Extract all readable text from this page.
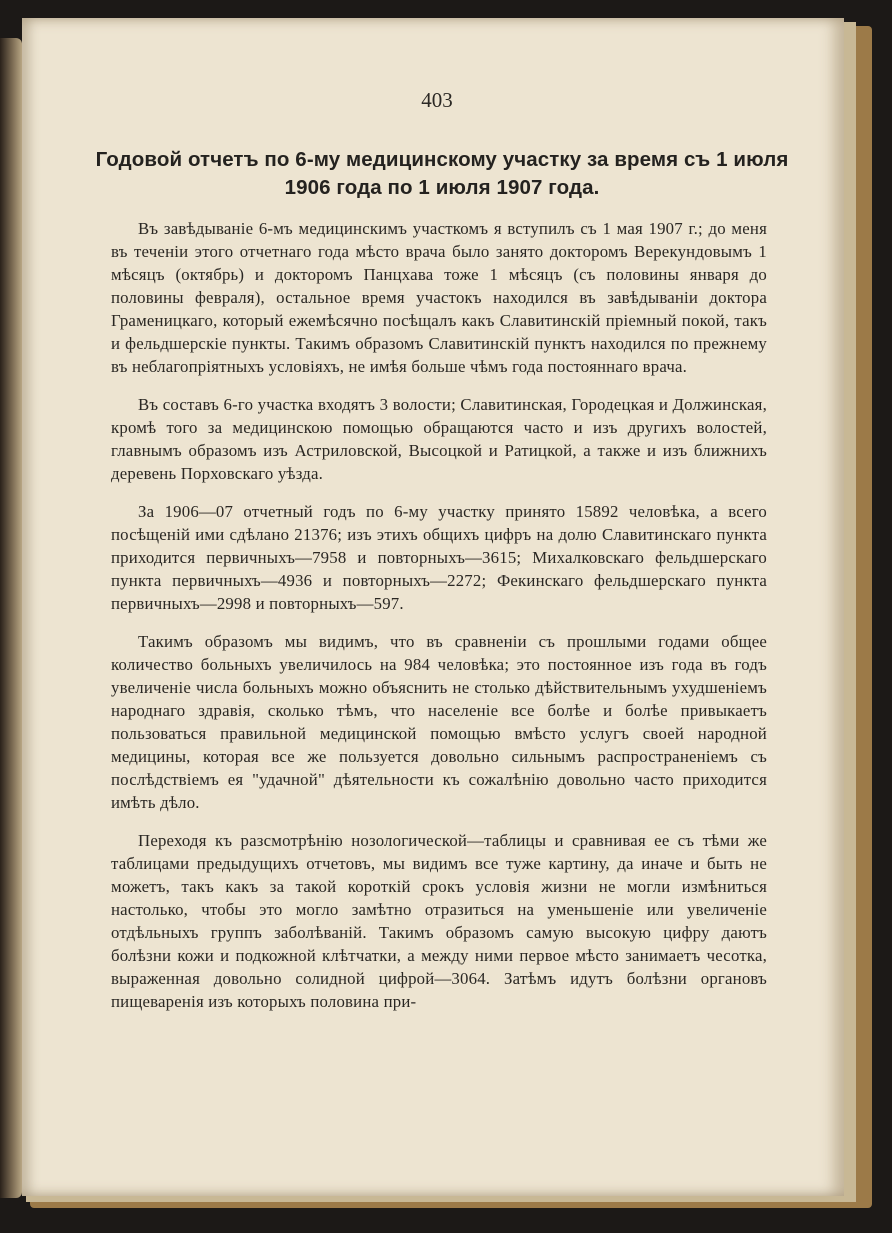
403
Годовой отчетъ по 6-му медицинскому участку за время съ 1 июля 1906 года по 1 июля 1907 года.

Въ завѣдываніе 6-мъ медицинскимъ участкомъ я вступилъ съ 1 мая 1907 г.; до меня въ теченіи этого отчетнаго года мѣсто врача было занято докторомъ Верекундовымъ 1 мѣсяцъ (октябрь) и докторомъ Панцхава тоже 1 мѣсяцъ (съ половины января до половины февраля), остальное время участокъ находился въ завѣдываніи доктора Граменицкаго, который ежемѣсячно посѣщалъ какъ Славитинскій пріемный покой, такъ и фельдшерскіе пункты. Такимъ образомъ Славитинскій пунктъ находился по прежнему въ неблагопріятныхъ условіяхъ, не имѣя больше чѣмъ года постояннаго врача.

Въ составъ 6-го участка входятъ 3 волости; Славитинская, Городецкая и Должинская, кромѣ того за медицинскою помощью обращаются часто и изъ другихъ волостей, главнымъ образомъ изъ Астриловской, Высоцкой и Ратицкой, а также и изъ ближнихъ деревень Порховскаго уѣзда.

За 1906—07 отчетный годъ по 6-му участку принято 15892 человѣка, а всего посѣщеній ими сдѣлано 21376; изъ этихъ общихъ цифръ на долю Славитинскаго пункта приходится первичныхъ—7958 и повторныхъ—3615; Михалковскаго фельдшерскаго пункта первичныхъ—4936 и повторныхъ—2272; Фекинскаго фельдшерскаго пункта первичныхъ—2998 и повторныхъ—597.

Такимъ образомъ мы видимъ, что въ сравненіи съ прошлыми годами общее количество больныхъ увеличилось на 984 человѣка; это постоянное изъ года въ годъ увеличеніе числа больныхъ можно объяснить не столько дѣйствительнымъ ухудшеніемъ народнаго здравія, сколько тѣмъ, что населеніе все болѣе и болѣе привыкаетъ пользоваться правильной медицинской помощью вмѣсто услугъ своей народной медицины, которая все же пользуется довольно сильнымъ распространеніемъ съ послѣдствіемъ ея "удачной" дѣятельности къ сожалѣнію довольно часто приходится имѣть дѣло.

Переходя къ разсмотрѣнію нозологической—таблицы и сравнивая ее съ тѣми же таблицами предыдущихъ отчетовъ, мы видимъ все туже картину, да иначе и быть не можетъ, такъ какъ за такой короткій срокъ условія жизни не могли измѣниться настолько, чтобы это могло замѣтно отразиться на уменьшеніе или увеличеніе отдѣльныхъ группъ заболѣваній. Такимъ образомъ самую высокую цифру даютъ болѣзни кожи и подкожной клѣтчатки, а между ними первое мѣсто занимаетъ чесотка, выраженная довольно солидной цифрой—3064. Затѣмъ идутъ болѣзни органовъ пищеваренія изъ которыхъ половина при-
